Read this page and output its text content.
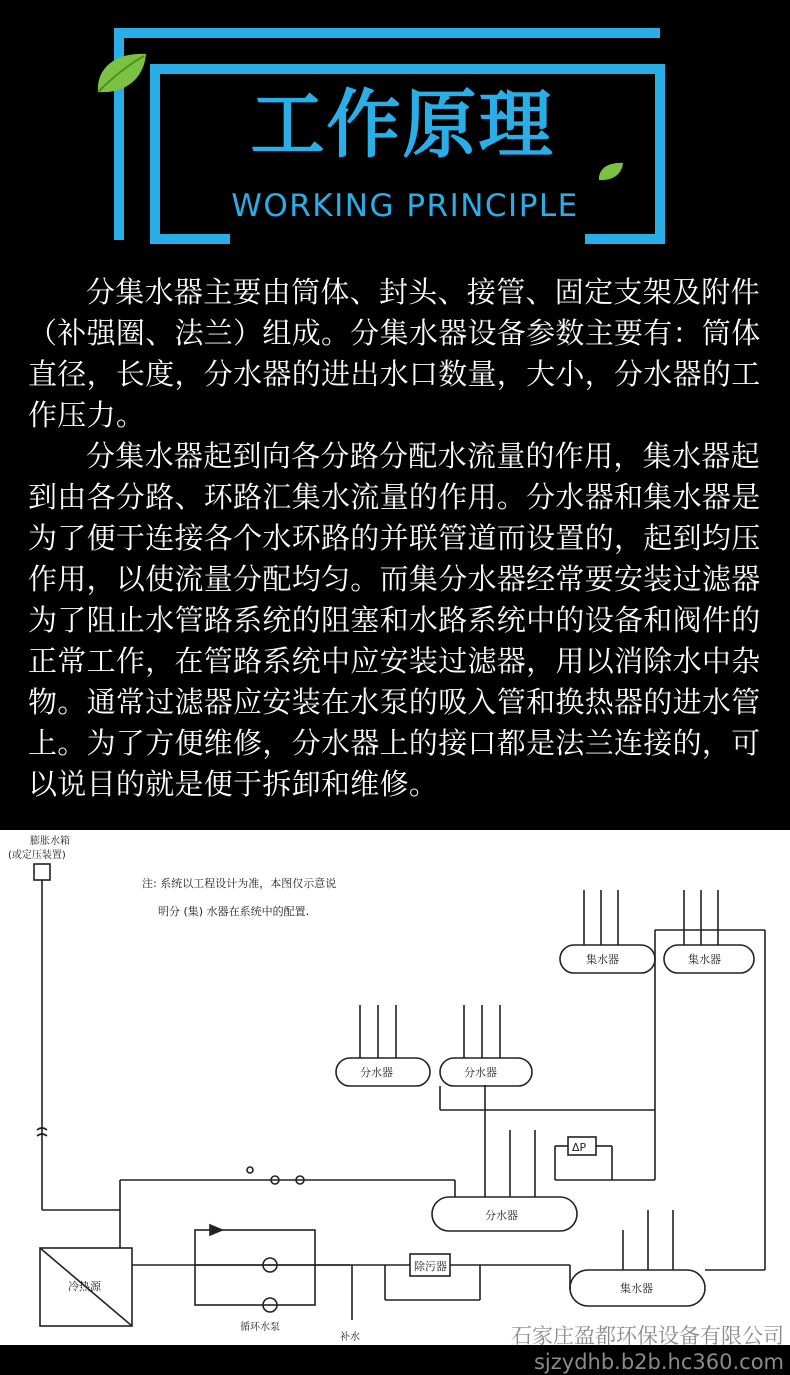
工作原理
WORKING PRINCIPLE

分集水器主要由筒体、封头、接管、固定支架及附件（补强圈、法兰）组成。分集水器设备参数主要有：筒体直径，长度，分水器的进出水口数量，大小，分水器的工作压力。

分集水器起到向各分路分配水流量的作用，集水器起到由各分路、环路汇集水流量的作用。分水器和集水器是为了便于连接各个水环路的并联管道而设置的，起到均压作用，以使流量分配均匀。而集分水器经常要安装过滤器为了阻止水管路系统的阻塞和水路系统中的设备和阀件的正常工作，在管路系统中应安装过滤器，用以消除水中杂物。通常过滤器应安装在水泵的吸入管和换热器的进水管上。为了方便维修，分水器上的接口都是法兰连接的，可以说目的就是便于拆卸和维修。

膨胀水箱
(或定压装置)
注: 系统以工程设计为准，本图仅示意说
明分 (集) 水器在系统中的配置.
冷热源
循环水泵
除污器
补水
分水器
ΔP
集水器
分水器	分水器
集水器	集水器
石家庄盈都环保设备有限公司
sjzydhb.b2b.hc360.com
